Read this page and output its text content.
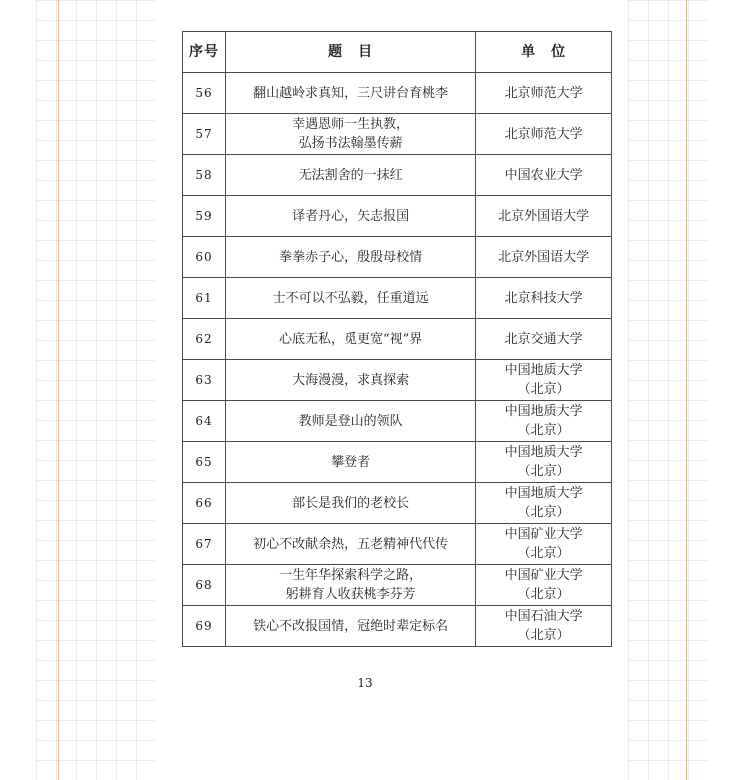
序号	题　目	单　位
56	翻山越岭求真知，三尺讲台育桃李	北京师范大学
57	幸遇恩师一生执教，
弘扬书法翰墨传薪	北京师范大学
58	无法割舍的一抹红	中国农业大学
59	译者丹心，矢志报国	北京外国语大学
60	拳拳赤子心，殷殷母校情	北京外国语大学
61	士不可以不弘毅，任重道远	北京科技大学
62	心底无私，觅更宽“视”界	北京交通大学
63	大海漫漫，求真探索	中国地质大学
（北京）
64	教师是登山的领队	中国地质大学
（北京）
65	攀登者	中国地质大学
（北京）
66	部长是我们的老校长	中国地质大学
（北京）
67	初心不改献余热，五老精神代代传	中国矿业大学
（北京）
68	一生年华探索科学之路，
躬耕育人收获桃李芬芳	中国矿业大学
（北京）
69	铁心不改报国情，冠绝时辈定标名	中国石油大学
（北京）
13
